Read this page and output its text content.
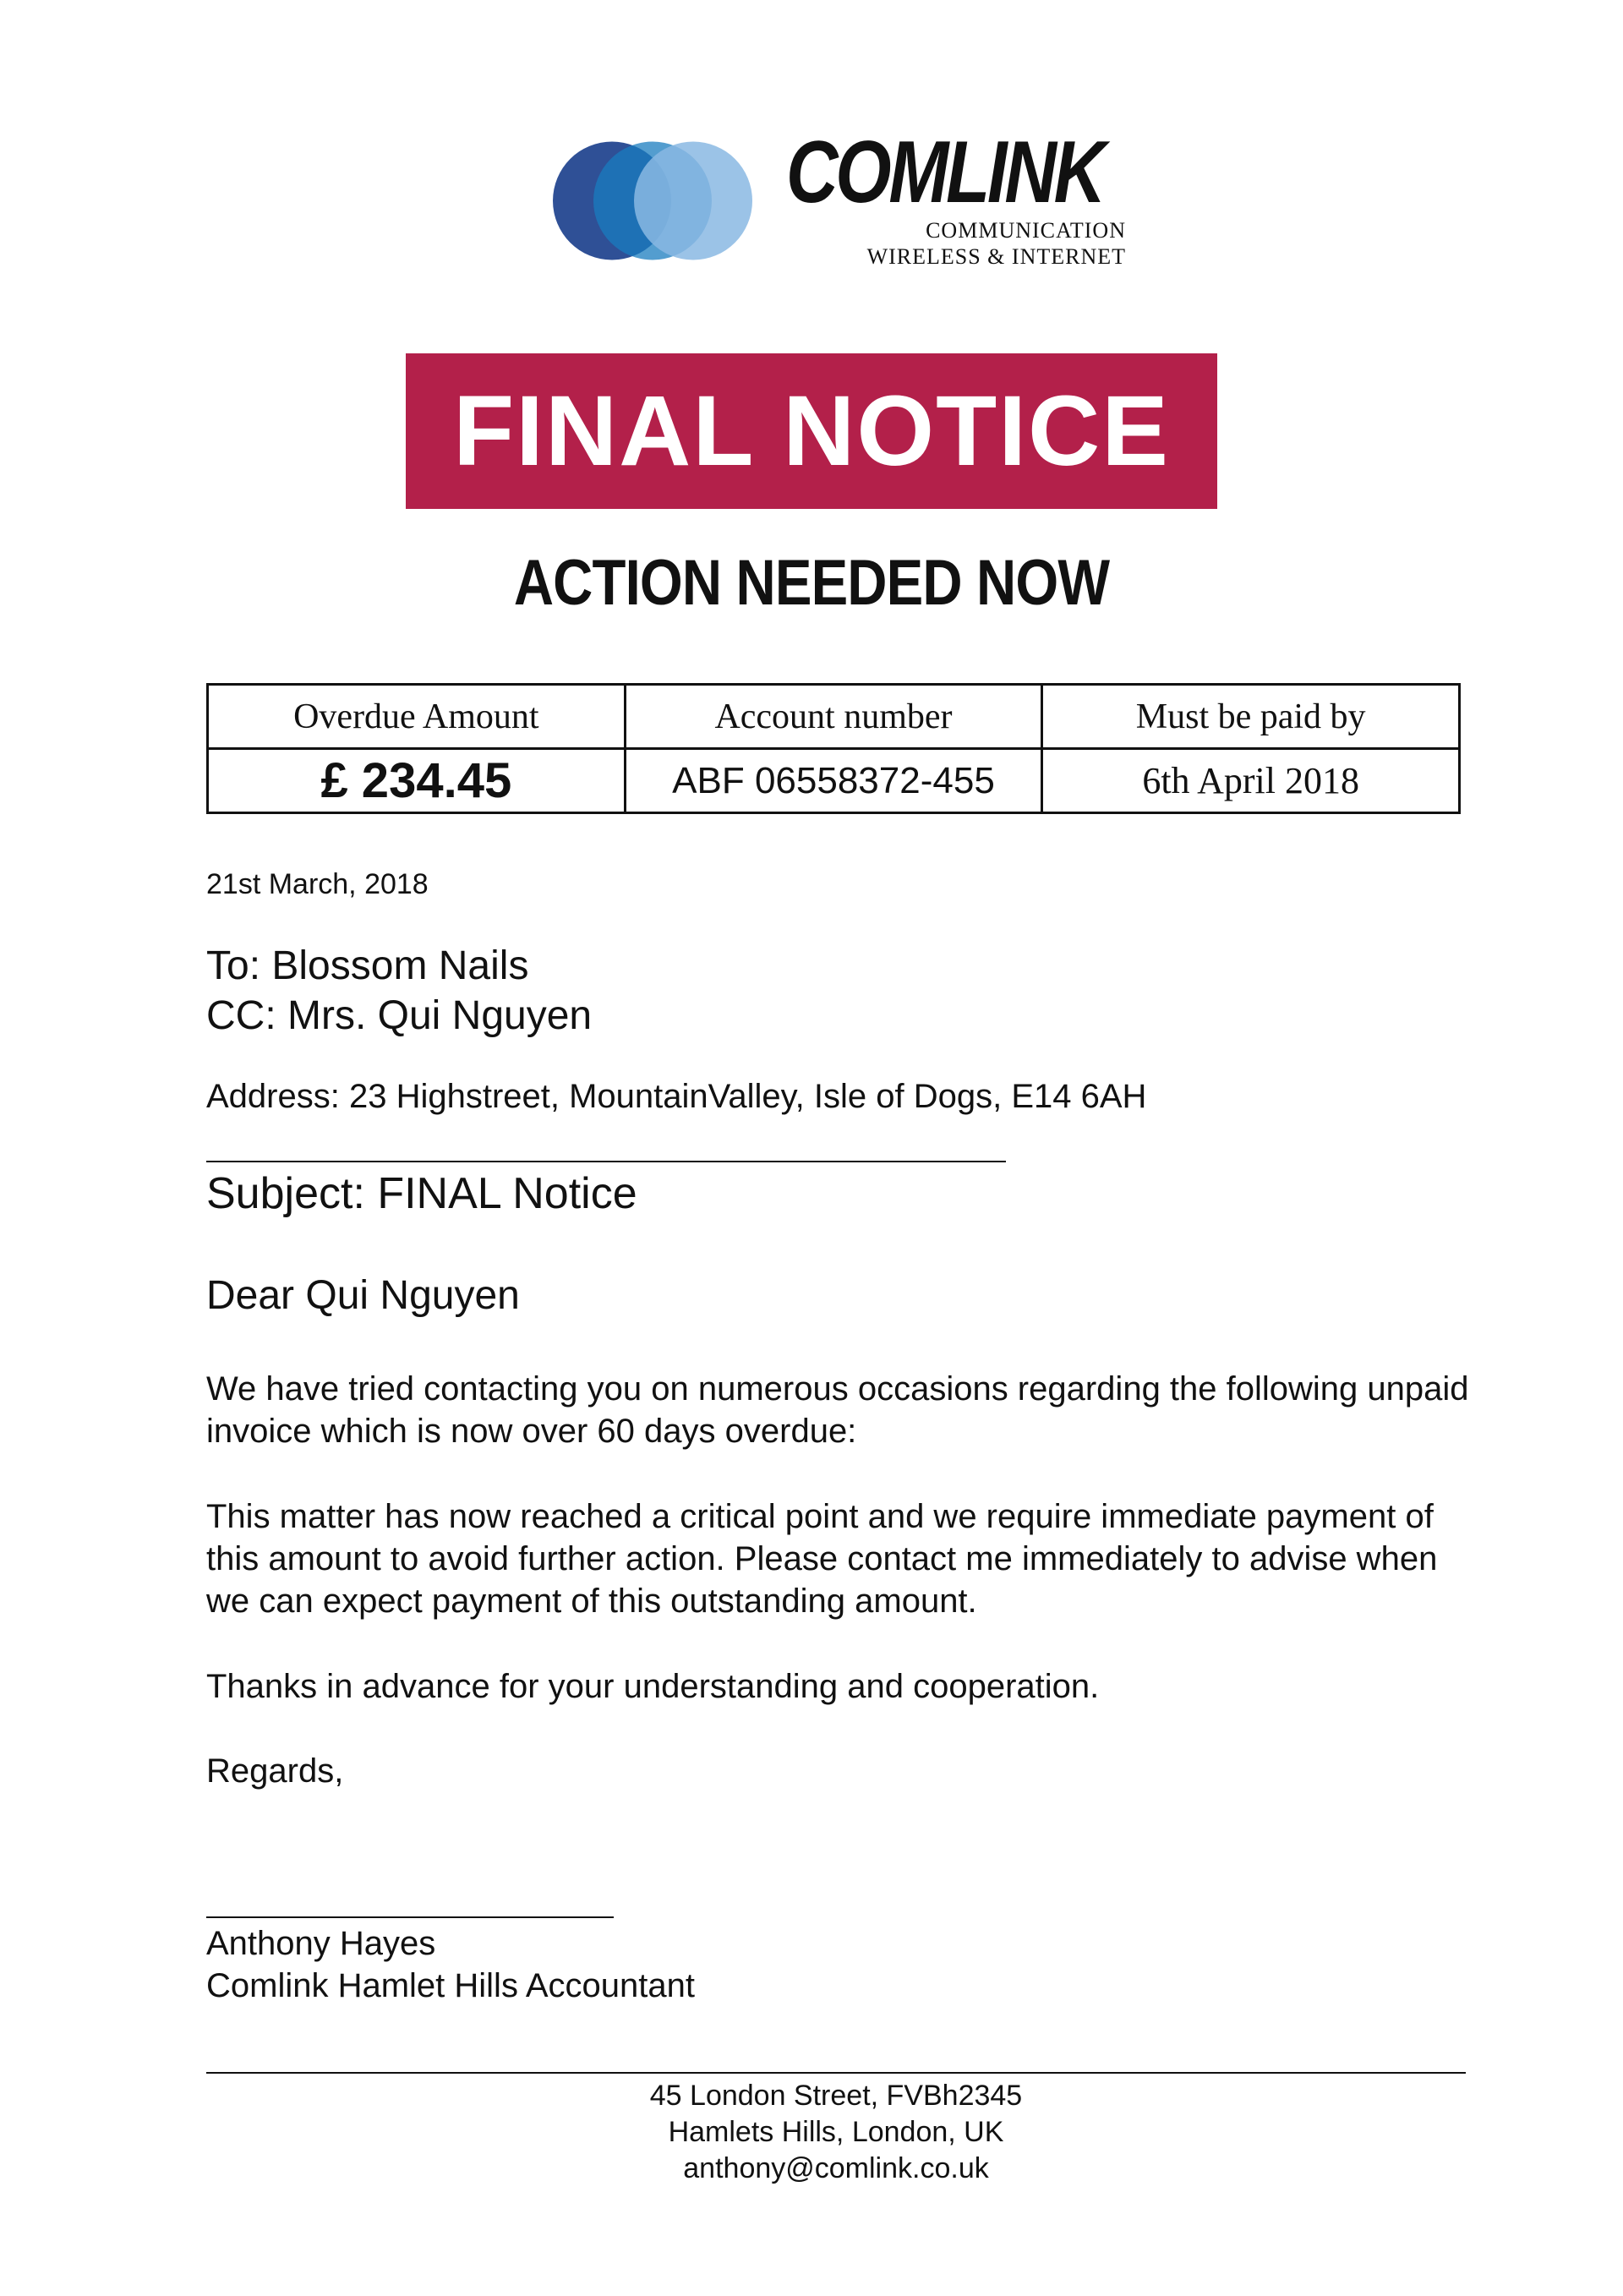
COMLINK
COMMUNICATION
WIRELESS & INTERNET
FINAL NOTICE
ACTION NEEDED NOW
Overdue Amount	Account number	Must be paid by
£ 234.45	ABF 06558372-455	6th April 2018
21st March, 2018
To: Blossom Nails
CC: Mrs. Qui Nguyen
Address: 23 Highstreet, MountainValley, Isle of Dogs, E14 6AH
Subject: FINAL Notice
Dear Qui Nguyen
We have tried contacting you on numerous occasions regarding the following unpaid invoice which is now over 60 days overdue:
This matter has now reached a critical point and we require immediate payment of this amount to avoid further action. Please contact me immediately to advise when we can expect payment of this outstanding amount.
Thanks in advance for your understanding and cooperation.
Regards,
Anthony Hayes
Comlink Hamlet Hills Accountant
45 London Street, FVBh2345
Hamlets Hills, London, UK
anthony@comlink.co.uk
